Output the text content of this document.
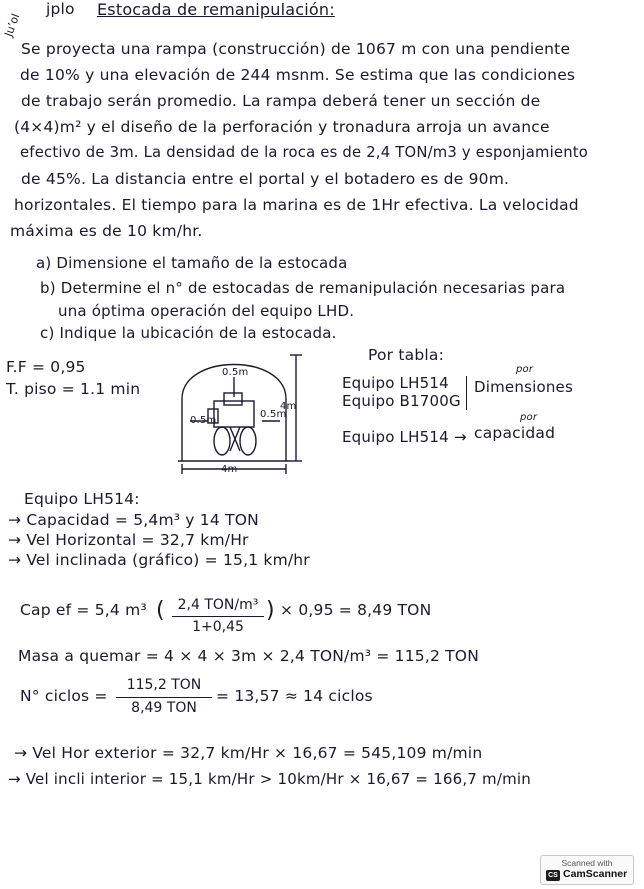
Ju’oI
jplo Estocada de remanipulación:
Se proyecta una rampa (construcción) de 1067 m con una pendiente
de 10% y una elevación de 244 msnm. Se estima que las condiciones
de trabajo serán promedio. La rampa deberá tener un sección de
(4×4)m² y el diseño de la perforación y tronadura arroja un avance
efectivo de 3m. La densidad de la roca es de 2,4 TON/m3 y esponjamiento
de 45%. La distancia entre el portal y el botadero es de 90m.
horizontales. El tiempo para la marina es de 1Hr efectiva. La velocidad
máxima es de 10 km/hr.
a) Dimensione el tamaño de la estocada
b) Determine el n° de estocadas de remanipulación necesarias para
una óptima operación del equipo LHD.
c) Indique la ubicación de la estocada.
F.F = 0,95
T. piso = 1.1 min
0.5m
0.5m
0.5m
4m
4m
Por tabla:
Equipo LH514
Equipo B1700G
por
Dimensiones
Equipo LH514 →
por
capacidad
Equipo LH514:
→ Capacidad = 5,4m³ y 14 TON
→ Vel Horizontal = 32,7 km/Hr
→ Vel inclinada (gráfico) = 15,1 km/hr
Cap ef = 5,4 m³ ( 2,4 TON/m³
1+0,45
) × 0,95 = 8,49 TON
Masa a quemar = 4 × 4 × 3m × 2,4 TON/m³ = 115,2 TON
N° ciclos =
115,2 TON
8,49 TON
= 13,57 ≈ 14 ciclos
→ Vel Hor exterior = 32,7 km/Hr × 16,67 = 545,109 m/min
→ Vel incli interior = 15,1 km/Hr > 10km/Hr × 16,67 = 166,7 m/min
Scanned with
CS CamScanner
